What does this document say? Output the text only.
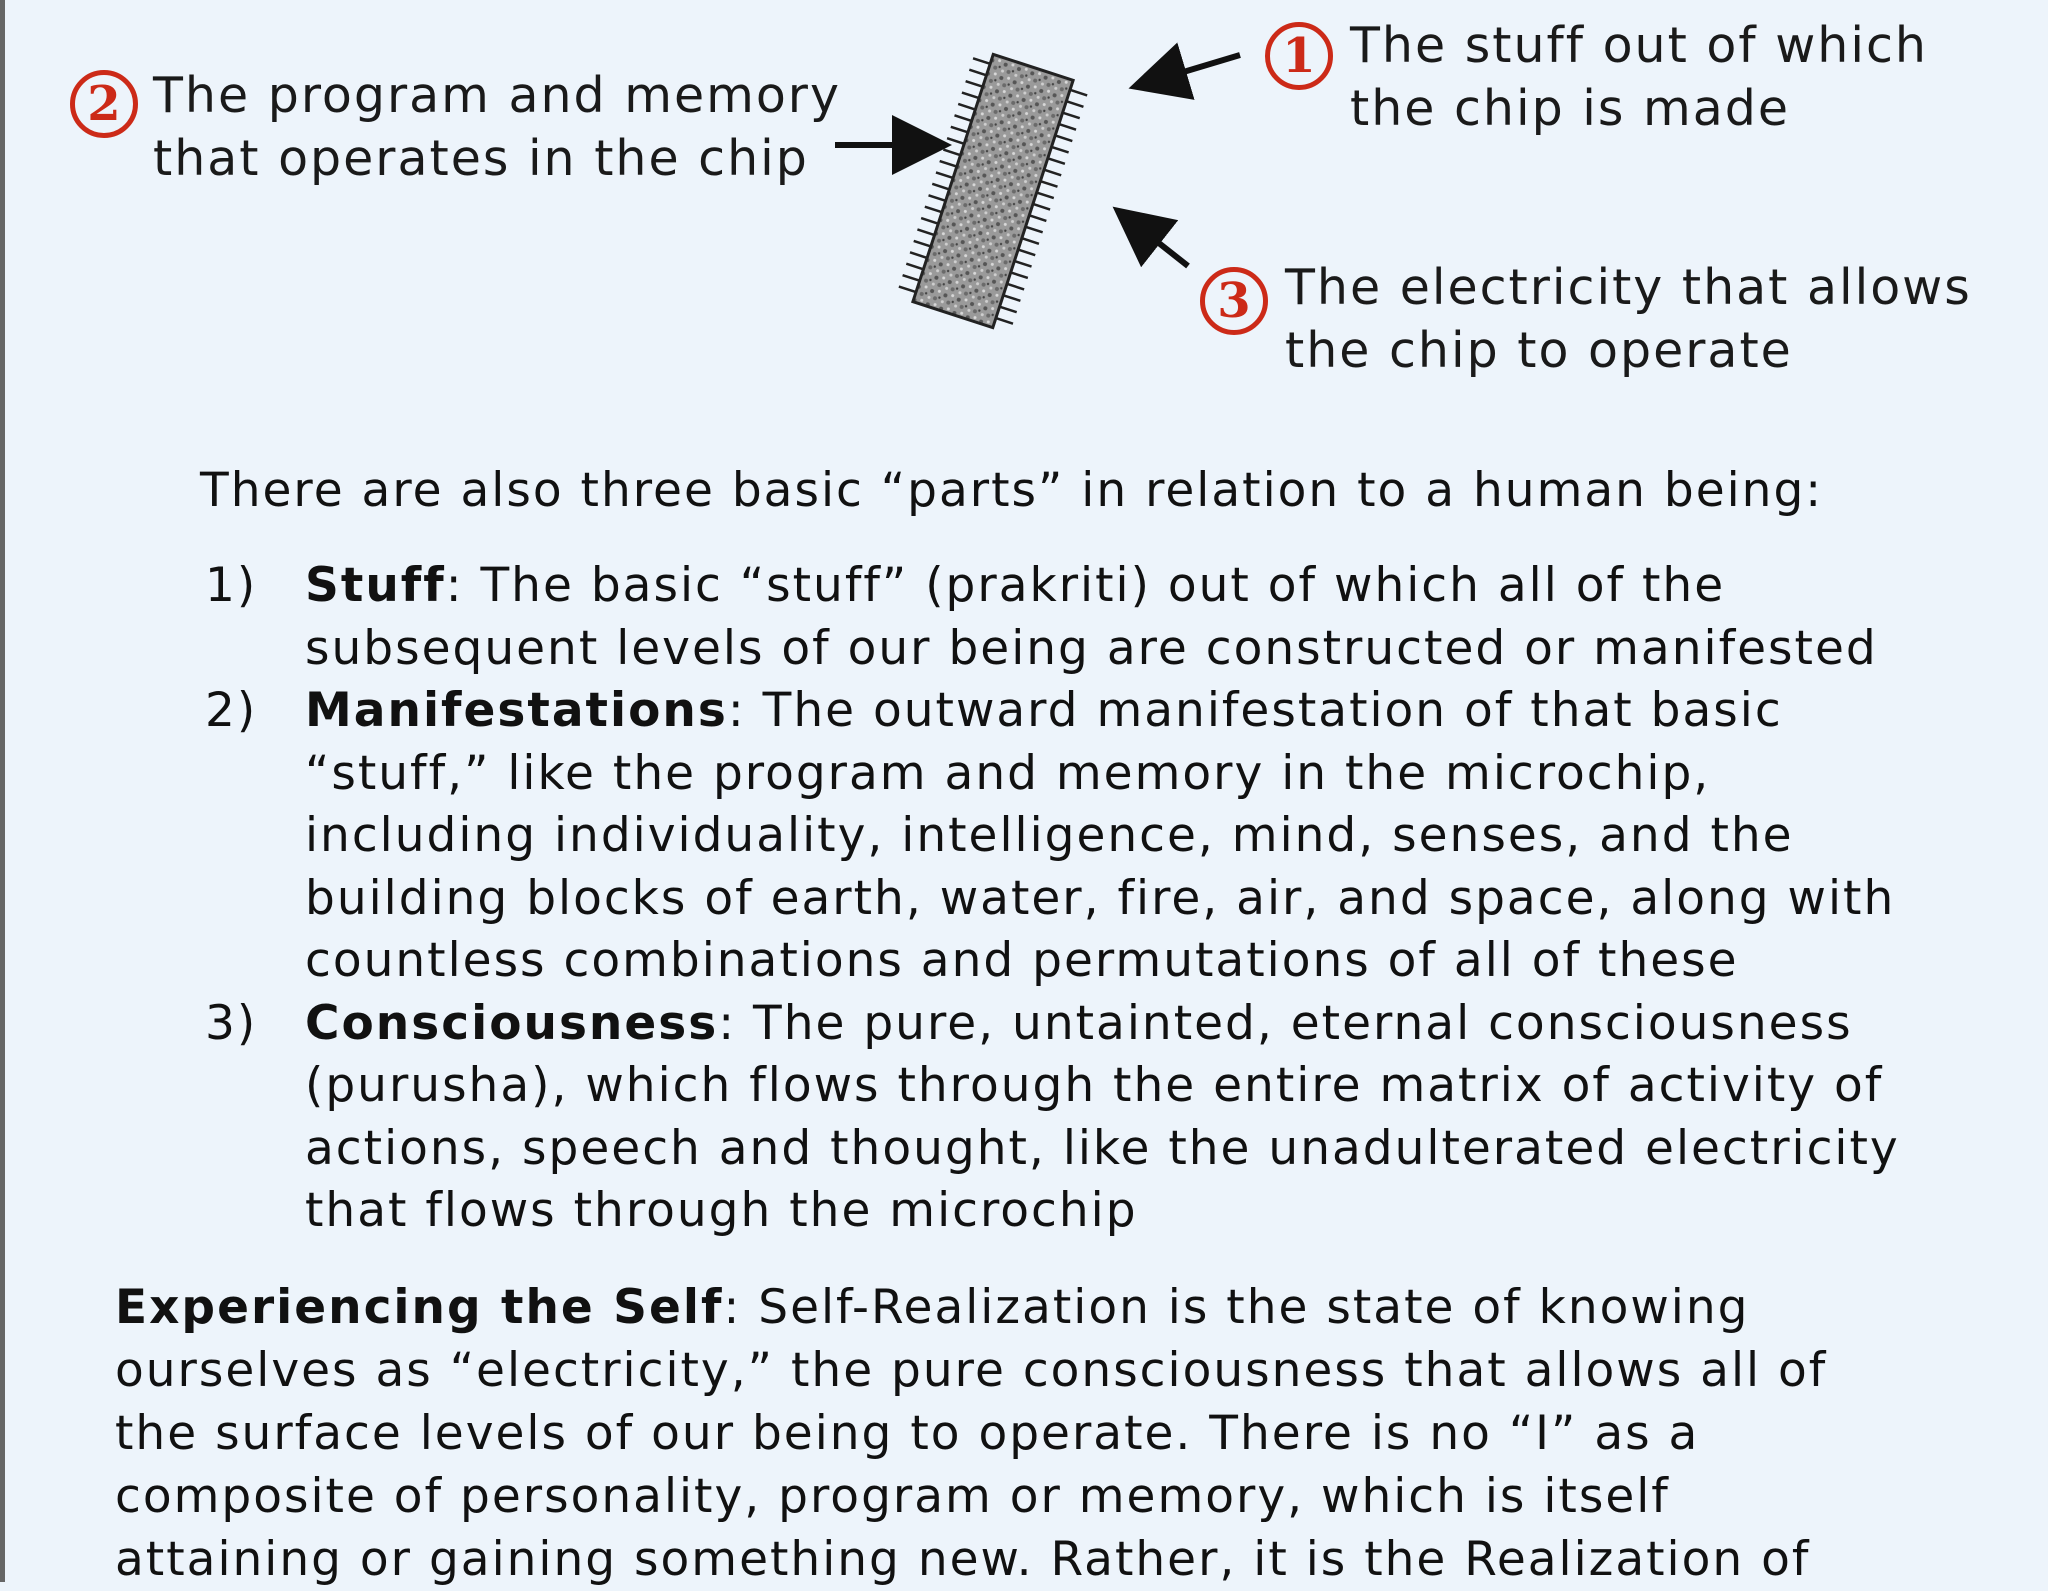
2 The program and memory
that operates in the chip
1 The stuff out of which
the chip is made
3 The electricity that allows
the chip to operate
There are also three basic “parts” in relation to a human being:
1) Stuff: The basic “stuff” (prakriti) out of which all of the
subsequent levels of our being are constructed or manifested
2) Manifestations: The outward manifestation of that basic
“stuff,” like the program and memory in the microchip,
including individuality, intelligence, mind, senses, and the
building blocks of earth, water, fire, air, and space, along with
countless combinations and permutations of all of these
3) Consciousness: The pure, untainted, eternal consciousness
(purusha), which flows through the entire matrix of activity of
actions, speech and thought, like the unadulterated electricity
that flows through the microchip
Experiencing the Self: Self-Realization is the state of knowing
ourselves as “electricity,” the pure consciousness that allows all of
the surface levels of our being to operate. There is no “I” as a
composite of personality, program or memory, which is itself
attaining or gaining something new. Rather, it is the Realization of
